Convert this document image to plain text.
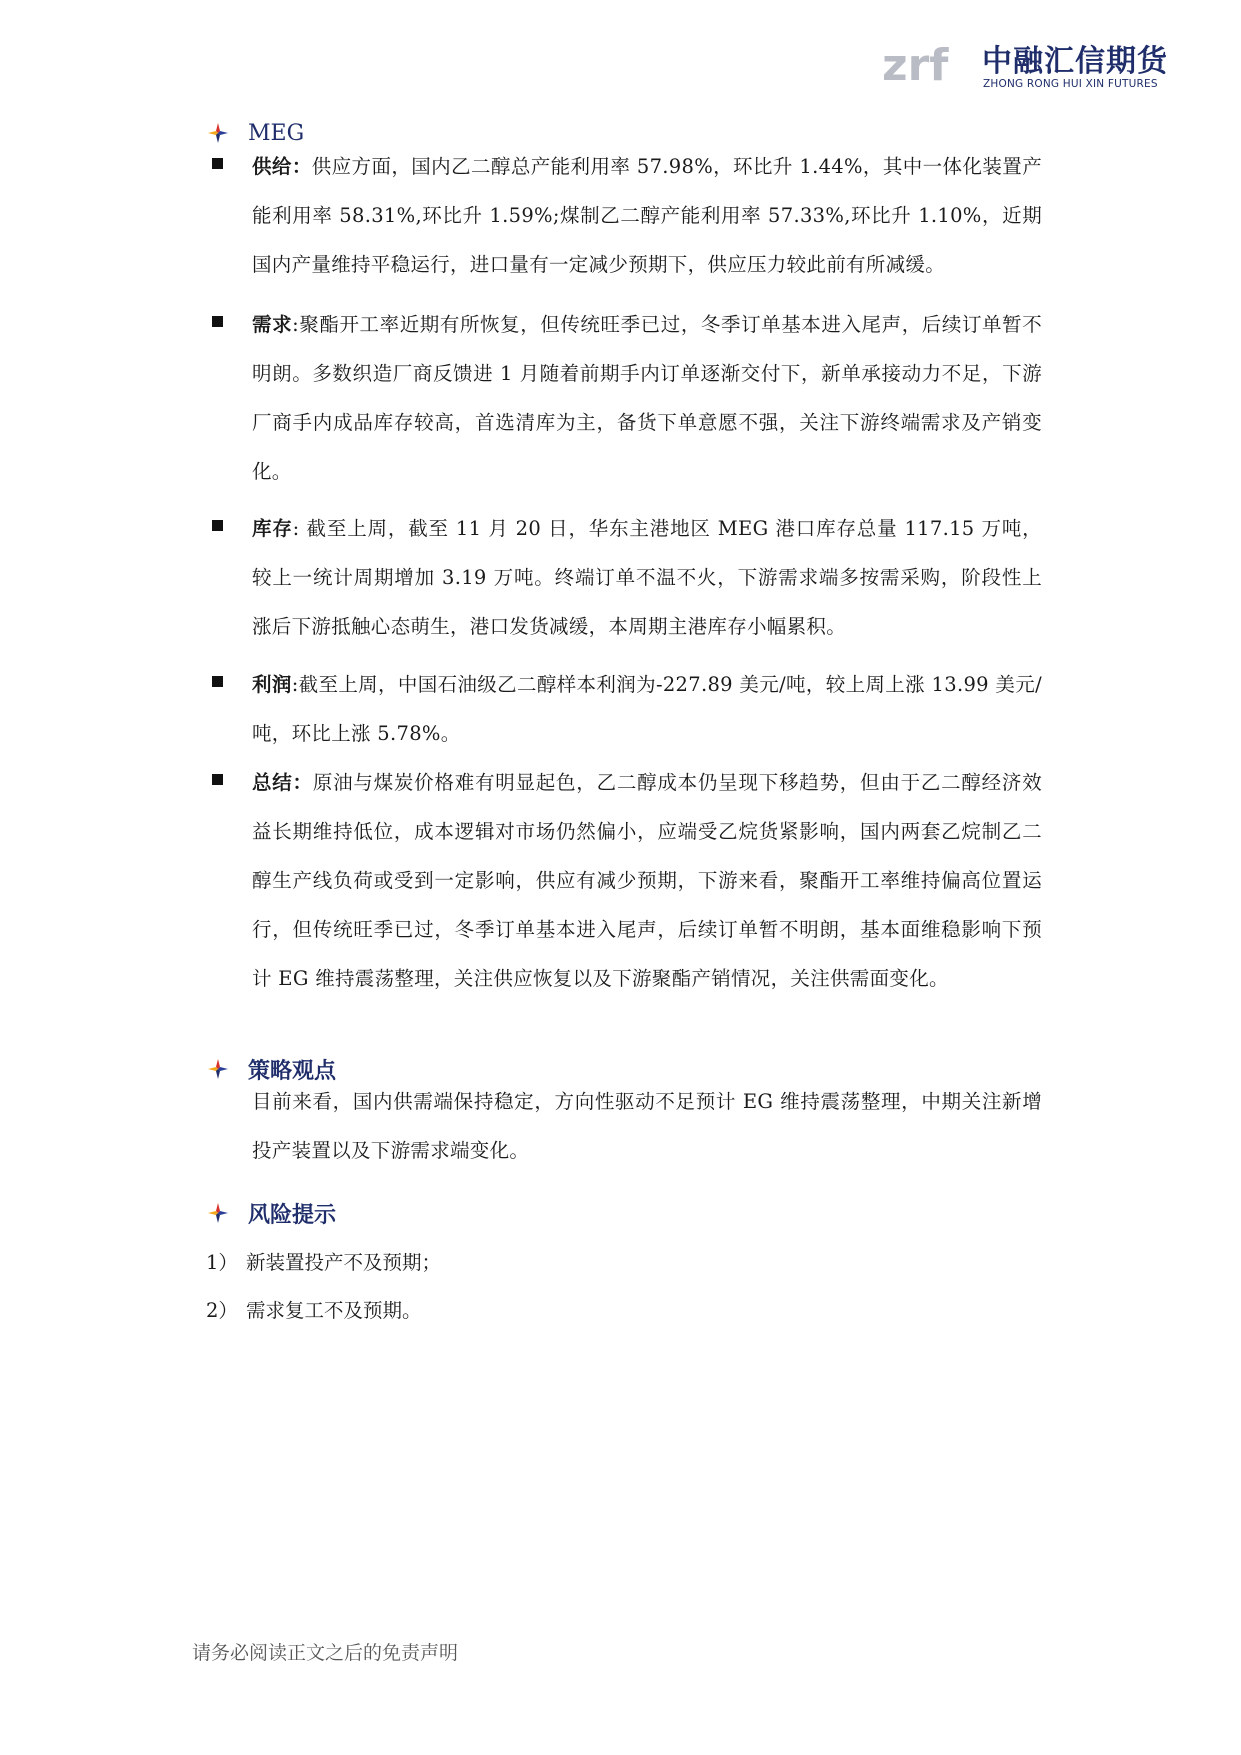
zrf 中融汇信期货
ZHONG RONG HUI XIN FUTURES
MEG
供给：供应方面，国内乙二醇总产能利用率 57.98%，环比升 1.44%，其中一体化装置产能利用率 58.31%,环比升 1.59%;煤制乙二醇产能利用率 57.33%,环比升 1.10%，近期国内产量维持平稳运行，进口量有一定减少预期下，供应压力较此前有所减缓。
需求:聚酯开工率近期有所恢复，但传统旺季已过，冬季订单基本进入尾声，后续订单暂不明朗。多数织造厂商反馈进 1 月随着前期手内订单逐渐交付下，新单承接动力不足，下游厂商手内成品库存较高，首选清库为主，备货下单意愿不强，关注下游终端需求及产销变化。
库存: 截至上周，截至 11 月 20 日，华东主港地区 MEG 港口库存总量 117.15 万吨，较上一统计周期增加 3.19 万吨。终端订单不温不火，下游需求端多按需采购，阶段性上涨后下游抵触心态萌生，港口发货减缓，本周期主港库存小幅累积。
利润:截至上周，中国石油级乙二醇样本利润为-227.89 美元/吨，较上周上涨 13.99 美元/吨，环比上涨 5.78%。
总结：原油与煤炭价格难有明显起色，乙二醇成本仍呈现下移趋势，但由于乙二醇经济效益长期维持低位，成本逻辑对市场仍然偏小，应端受乙烷货紧影响，国内两套乙烷制乙二醇生产线负荷或受到一定影响，供应有减少预期，下游来看，聚酯开工率维持偏高位置运行，但传统旺季已过，冬季订单基本进入尾声，后续订单暂不明朗，基本面维稳影响下预计 EG 维持震荡整理，关注供应恢复以及下游聚酯产销情况，关注供需面变化。
策略观点
目前来看，国内供需端保持稳定，方向性驱动不足预计 EG 维持震荡整理，中期关注新增投产装置以及下游需求端变化。
风险提示
1） 新装置投产不及预期；
2） 需求复工不及预期。
请务必阅读正文之后的免责声明
